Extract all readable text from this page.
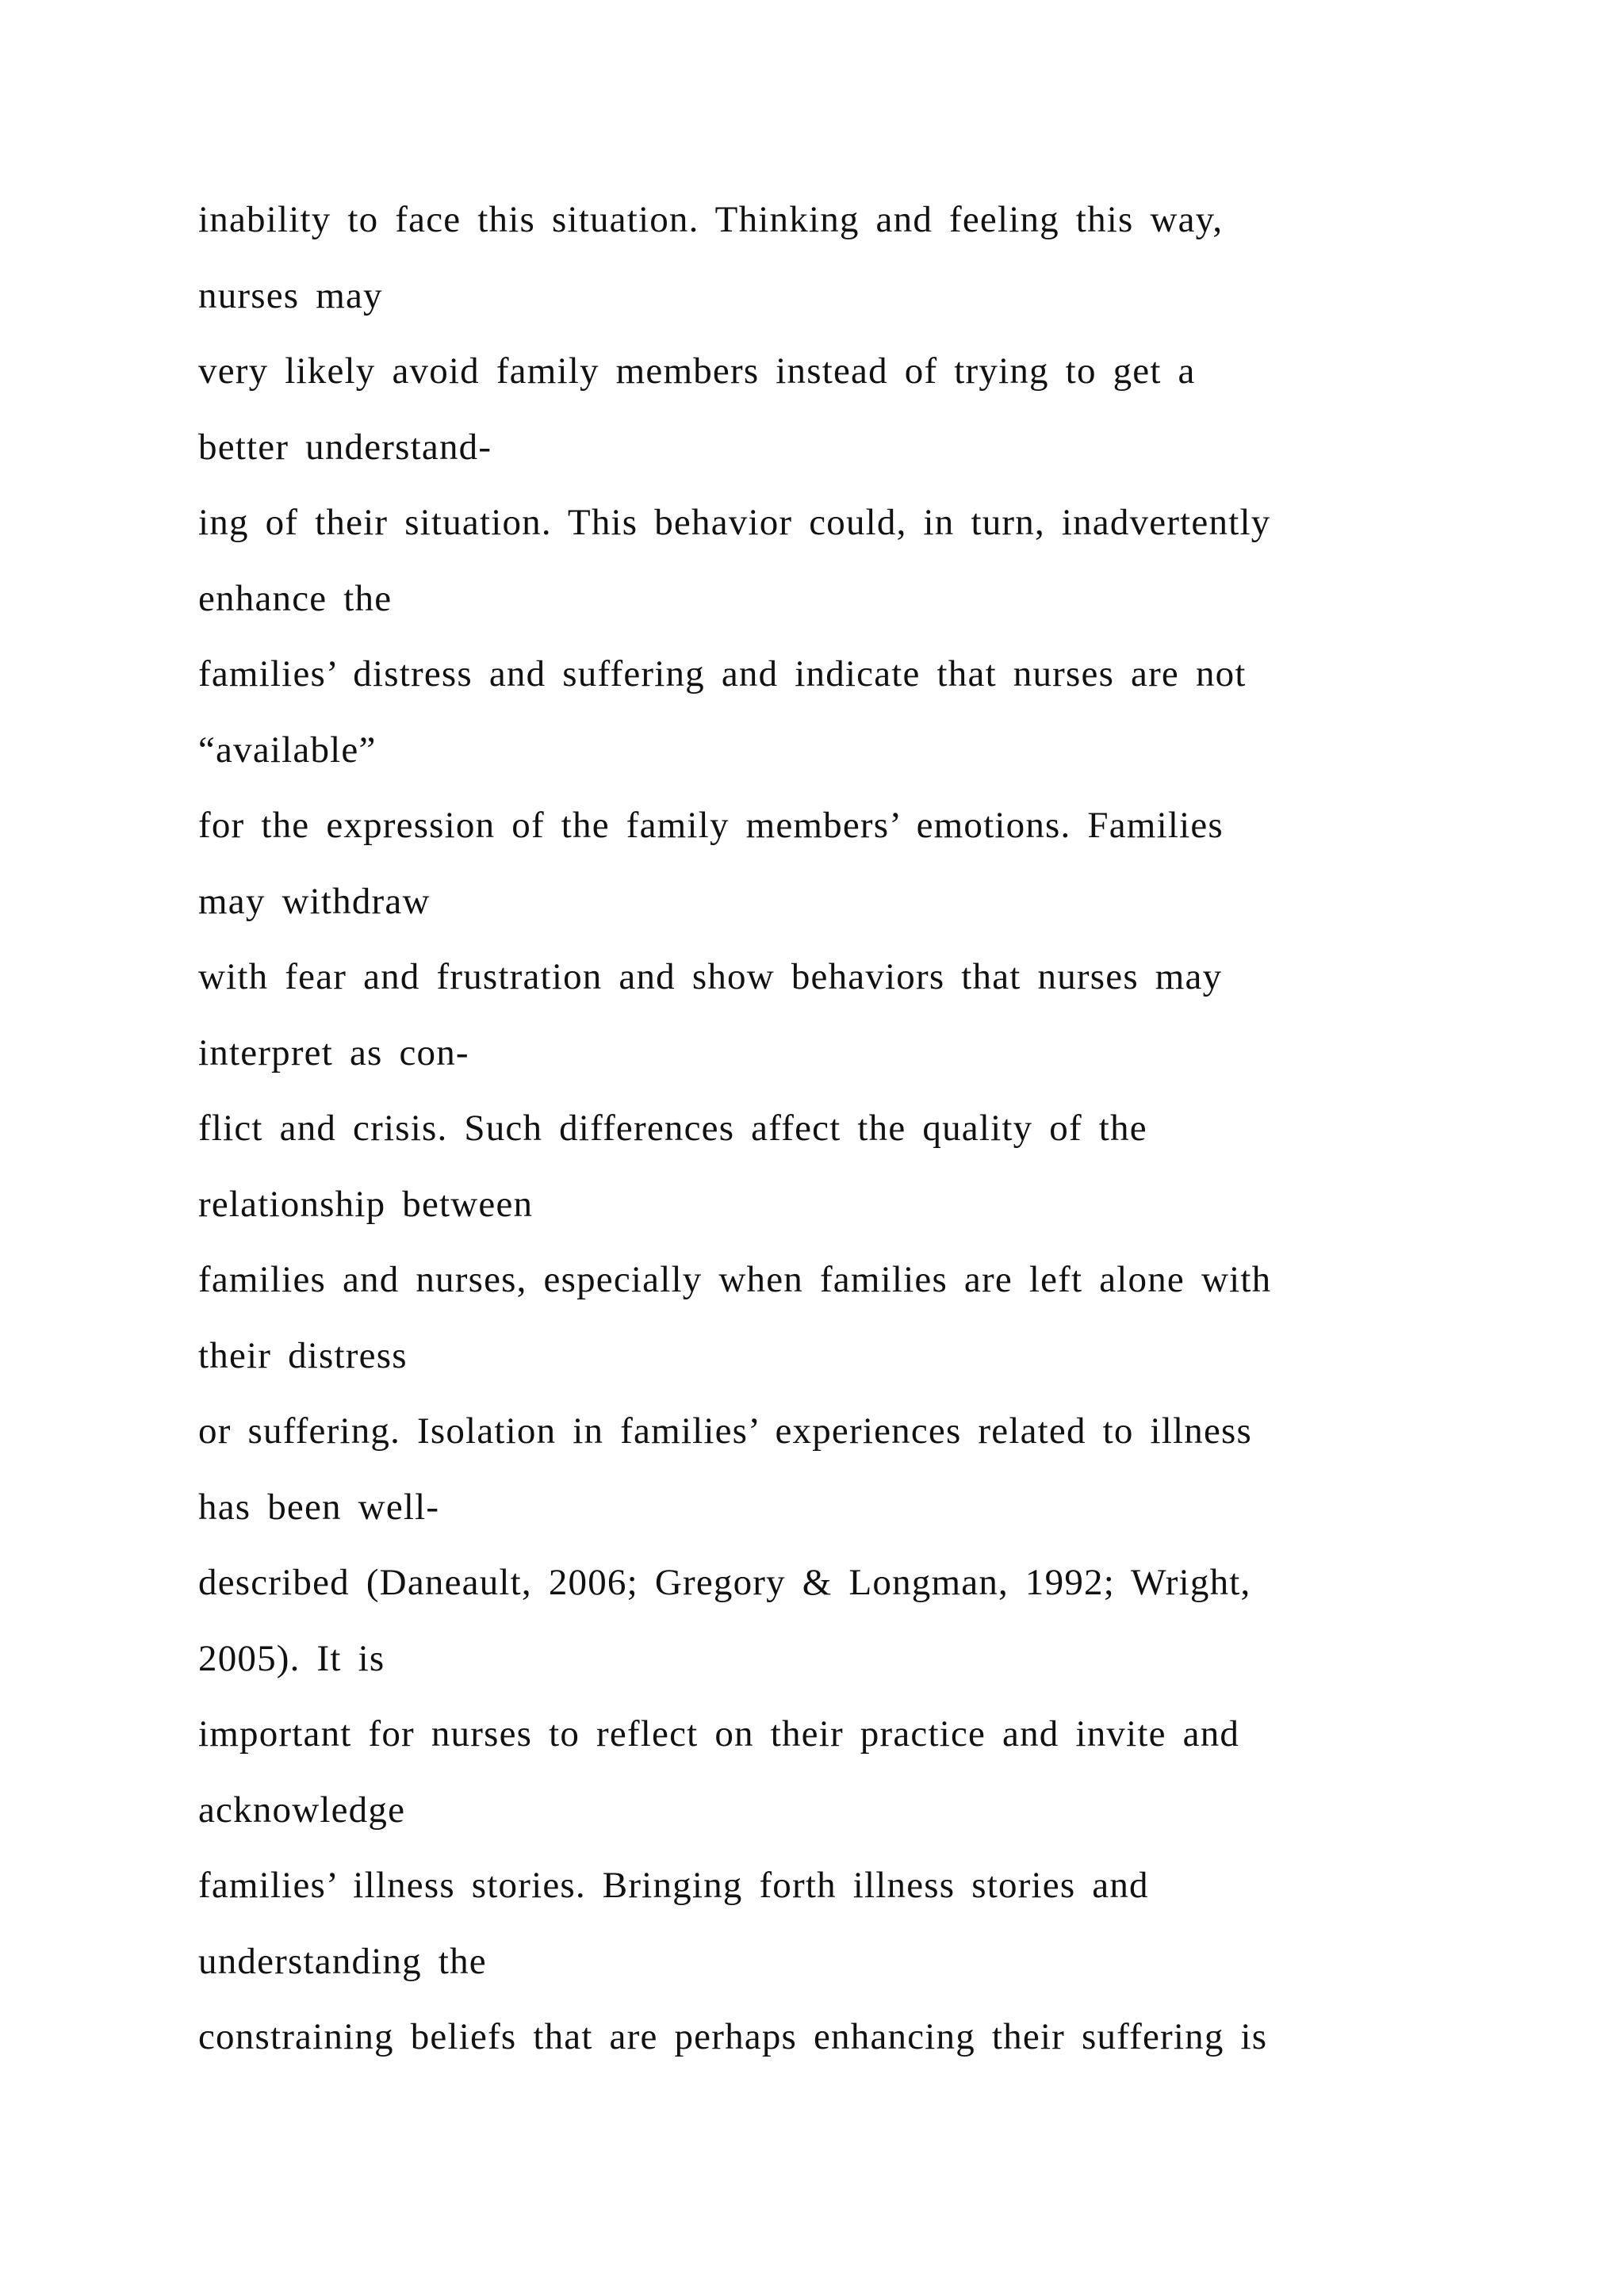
inability to face this situation. Thinking and feeling this way,
nurses may
very likely avoid family members instead of trying to get a
better understand-
ing of their situation. This behavior could, in turn, inadvertently
enhance the
families’ distress and suffering and indicate that nurses are not
“available”
for the expression of the family members’ emotions. Families
may withdraw
with fear and frustration and show behaviors that nurses may
interpret as con-
flict and crisis. Such differences affect the quality of the
relationship between
families and nurses, especially when families are left alone with
their distress
or suffering. Isolation in families’ experiences related to illness
has been well-
described (Daneault, 2006; Gregory & Longman, 1992; Wright,
2005). It is
important for nurses to reflect on their practice and invite and
acknowledge
families’ illness stories. Bringing forth illness stories and
understanding the
constraining beliefs that are perhaps enhancing their suffering is
